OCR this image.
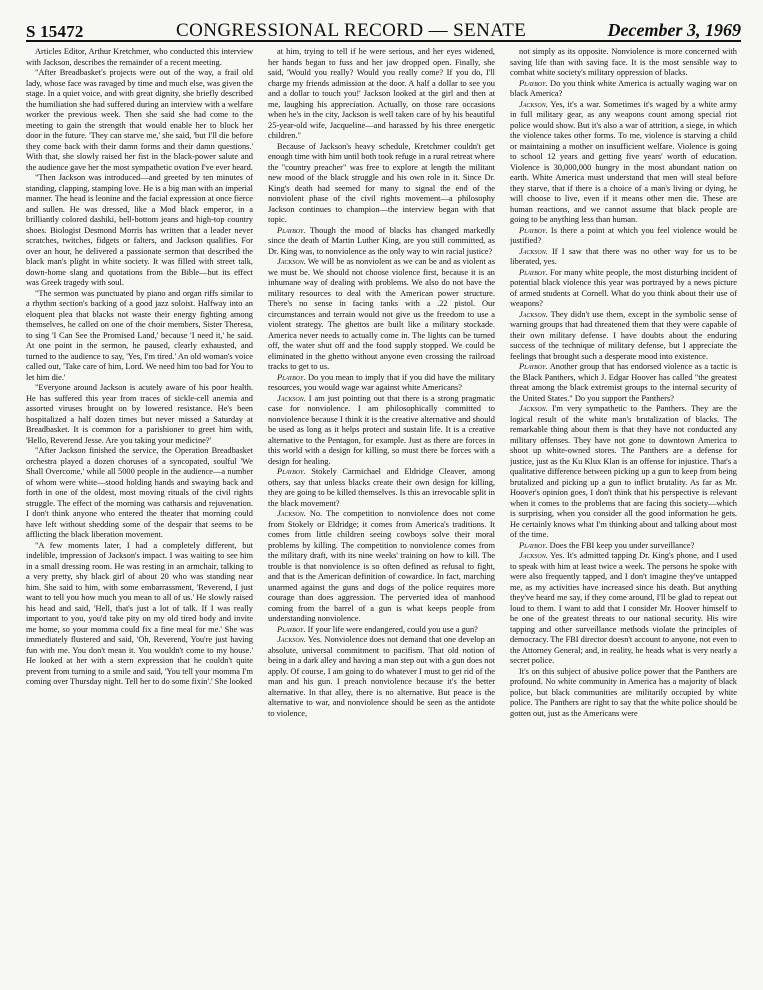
S 15472	CONGRESSIONAL RECORD — SENATE	December 3, 1969

Articles Editor, Arthur Kretchmer, who conducted this interview with Jackson, describes the remainder of a recent meeting.

"After Breadbasket's projects were out of the way, a frail old lady, whose face was ravaged by time and much else, was given the stage. In a quiet voice, and with great dignity, she briefly described the humiliation she had suffered during an interview with a welfare worker the previous week. Then she said she had come to the meeting to gain the strength that would enable her to block her door in the future. 'They can starve me,' she said, 'but I'll die before they come back with their damn forms and their damn questions.' With that, she slowly raised her fist in the black-power salute and the audience gave her the most sympathetic ovation I've ever heard.

"Then Jackson was introduced—and greeted by ten minutes of standing, clapping, stamping love. He is a big man with an imperial manner. The head is leonine and the facial expression at once fierce and sullen. He was dressed, like a Mod black emperor, in a brilliantly colored dashiki, bell-bottom jeans and high-top country shoes. Biologist Desmond Morris has written that a leader never scratches, twitches, fidgets or falters, and Jackson qualifies. For over an hour, he delivered a passionate sermon that described the black man's plight in white society. It was filled with street talk, down-home slang and quotations from the Bible—but its effect was Greek tragedy with soul.

"The sermon was punctuated by piano and organ riffs similar to a rhythm section's backing of a good jazz soloist. Halfway into an eloquent plea that blacks not waste their energy fighting among themselves, he called on one of the choir members, Sister Theresa, to sing 'I Can See the Promised Land,' because 'I need it,' he said. At one point in the sermon, he paused, clearly exhausted, and turned to the audience to say, 'Yes, I'm tired.' An old woman's voice called out, 'Take care of him, Lord. We need him too bad for You to let him die.'

"Everyone around Jackson is acutely aware of his poor health. He has suffered this year from traces of sickle-cell anemia and assorted viruses brought on by lowered resistance. He's been hospitalized a half dozen times but never missed a Saturday at Breadbasket. It is common for a parishioner to greet him with, 'Hello, Reverend Jesse. Are you taking your medicine?'

"After Jackson finished the service, the Operation Breadbasket orchestra played a dozen choruses of a syncopated, soulful 'We Shall Overcome,' while all 5000 people in the audience—a number of whom were white—stood holding hands and swaying back and forth in one of the oldest, most moving rituals of the civil rights struggle. The effect of the morning was catharsis and rejuvenation. I don't think anyone who entered the theater that morning could have left without shedding some of the despair that seems to be afflicting the black liberation movement.

"A few moments later, I had a completely different, but indelible, impression of Jackson's impact. I was waiting to see him in a small dressing room. He was resting in an armchair, talking to a very pretty, shy black girl of about 20 who was standing near him. She said to him, with some embarrassment, 'Reverend, I just want to tell you how much you mean to all of us.' He slowly raised his head and said, 'Hell, that's just a lot of talk. If I was really important to you, you'd take pity on my old tired body and invite me home, so your momma could fix a fine meal for me.' She was immediately flustered and said, 'Oh, Reverend, You're just having fun with me. You don't mean it. You wouldn't come to my house.' He looked at her with a stern expression that he couldn't quite prevent from turning to a smile and said, 'You tell your momma I'm coming over Thursday night. Tell her to do some fixin'.' She looked

at him, trying to tell if he were serious, and her eyes widened, her hands began to fuss and her jaw dropped open. Finally, she said, 'Would you really? Would you really come? If you do, I'll charge my friends admission at the door. A half a dollar to see you and a dollar to touch you!' Jackson looked at the girl and then at me, laughing his appreciation. Actually, on those rare occasions when he's in the city, Jackson is well taken care of by his beautiful 25-year-old wife, Jacqueline—and harassed by his three energetic children."

Because of Jackson's heavy schedule, Kretchmer couldn't get enough time with him until both took refuge in a rural retreat where the "country preacher" was free to explore at length the militant new mood of the black struggle and his own role in it. Since Dr. King's death had seemed for many to signal the end of the nonviolent phase of the civil rights movement—a philosophy Jackson continues to champion—the interview began with that topic.

Playboy. Though the mood of blacks has changed markedly since the death of Martin Luther King, are you still committed, as Dr. King was, to nonviolence as the only way to win racial justice?

Jackson. We will be as nonviolent as we can be and as violent as we must be. We should not choose violence first, because it is an inhumane way of dealing with problems. We also do not have the military resources to deal with the American power structure. There's no sense in facing tanks with a .22 pistol. Our circumstances and terrain would not give us the freedom to use a violent strategy. The ghettos are built like a military stockade. America never needs to actually come in. The lights can be turned off, the water shut off and the food supply stopped. We could be eliminated in the ghetto without anyone even crossing the railroad tracks to get to us.

Playboy. Do you mean to imply that if you did have the military resources, you would wage war against white Americans?

Jackson. I am just pointing out that there is a strong pragmatic case for nonviolence. I am philosophically committed to nonviolence because I think it is the creative alternative and should be used as long as it helps protect and sustain life. It is a creative alternative to the Pentagon, for example. Just as there are forces in this world with a design for killing, so must there be forces with a design for healing.

Playboy. Stokely Carmichael and Eldridge Cleaver, among others, say that unless blacks create their own design for killing, they are going to be killed themselves. Is this an irrevocable split in the black movement?

Jackson. No. The competition to nonviolence does not come from Stokely or Eldridge; it comes from America's traditions. It comes from little children seeing cowboys solve their moral problems by killing. The competition to nonviolence comes from the military draft, with its nine weeks' training on how to kill. The trouble is that nonviolence is so often defined as refusal to fight, and that is the American definition of cowardice. In fact, marching unarmed against the guns and dogs of the police requires more courage than does aggression. The perverted idea of manhood coming from the barrel of a gun is what keeps people from understanding nonviolence.

Playboy. If your life were endangered, could you use a gun?

Jackson. Yes. Nonviolence does not demand that one develop an absolute, universal commitment to pacifism. That old notion of being in a dark alley and having a man step out with a gun does not apply. Of course, I am going to do whatever I must to get rid of the man and his gun. I preach nonviolence because it's the better alternative. In that alley, there is no alternative. But peace is the alternative to war, and nonviolence should be seen as the antidote to violence,

not simply as its opposite. Nonviolence is more concerned with saving life than with saving face. It is the most sensible way to combat white society's military oppression of blacks.

Playboy. Do you think white America is actually waging war on black America?

Jackson. Yes, it's a war. Sometimes it's waged by a white army in full military gear, as any weapons count among special riot police would show. But it's also a war of attrition, a siege, in which the violence takes other forms. To me, violence is starving a child or maintaining a mother on insufficient welfare. Violence is going to school 12 years and getting five years' worth of education. Violence is 30,000,000 hungry in the most abundant nation on earth. White America must understand that men will steal before they starve, that if there is a choice of a man's living or dying, he will choose to live, even if it means other men die. These are human reactions, and we cannot assume that black people are going to be anything less than human.

Playboy. Is there a point at which you feel violence would be justified?

Jackson. If I saw that there was no other way for us to be liberated, yes.

Playboy. For many white people, the most disturbing incident of potential black violence this year was portrayed by a news picture of armed students at Cornell. What do you think about their use of weapons?

Jackson. They didn't use them, except in the symbolic sense of warning groups that had threatened them that they were capable of their own military defense. I have doubts about the enduring success of the technique of military defense, but I appreciate the feelings that brought such a desperate mood into existence.

Playboy. Another group that has endorsed violence as a tactic is the Black Panthers, which J. Edgar Hoover has called "the greatest threat among the black extremist groups to the internal security of the United States." Do you support the Panthers?

Jackson. I'm very sympathetic to the Panthers. They are the logical result of the white man's brutalization of blacks. The remarkable thing about them is that they have not conducted any military offenses. They have not gone to downtown America to shoot up white-owned stores. The Panthers are a defense for justice, just as the Ku Klux Klan is an offense for injustice. That's a qualitative difference between picking up a gun to keep from being brutalized and picking up a gun to inflict brutality. As far as Mr. Hoover's opinion goes, I don't think that his perspective is relevant when it comes to the problems that are facing this society—which is surprising, when you consider all the good information he gets. He certainly knows what I'm thinking about and talking about most of the time.

Playboy. Does the FBI keep you under surveillance?

Jackson. Yes. It's admitted tapping Dr. King's phone, and I used to speak with him at least twice a week. The persons he spoke with were also frequently tapped, and I don't imagine they've untapped me, as my activities have increased since his death. But anything they've heard me say, if they come around, I'll be glad to repeat out loud to them. I want to add that I consider Mr. Hoover himself to be one of the greatest threats to our national security. His wire tapping and other surveillance methods violate the principles of democracy. The FBI director doesn't account to anyone, not even to the Attorney General; and, in reality, he heads what is very nearly a secret police.

It's on this subject of abusive police power that the Panthers are profound. No white community in America has a majority of black police, but black communities are militarily occupied by white police. The Panthers are right to say that the white police should be gotten out, just as the Americans were
